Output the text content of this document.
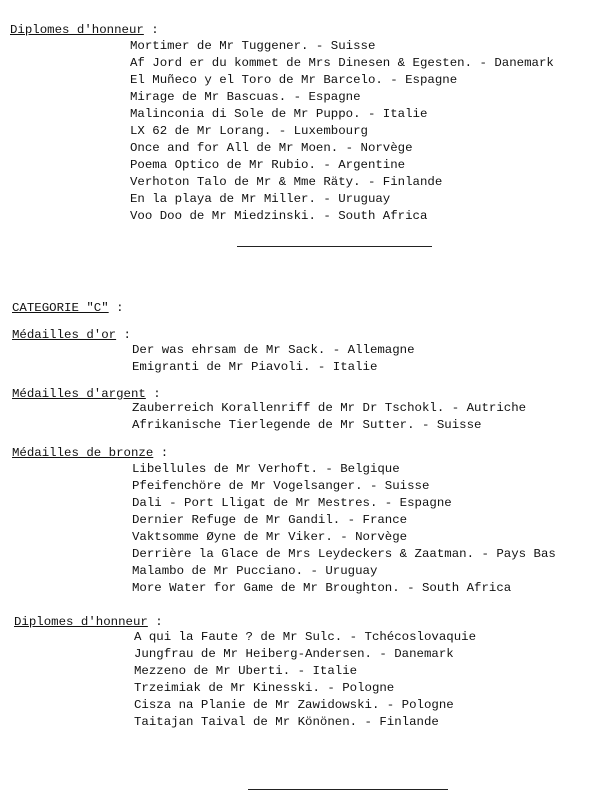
Diplomes d'honneur :
Mortimer de Mr Tuggener. - Suisse
Af Jord er du kommet de Mrs Dinesen & Egesten. - Danemark
El Muñeco y el Toro de Mr Barcelo. - Espagne
Mirage de Mr Bascuas. - Espagne
Malinconia di Sole de Mr Puppo. - Italie
LX 62 de Mr Lorang. - Luxembourg
Once and for All de Mr Moen. - Norvège
Poema Optico de Mr Rubio. - Argentine
Verhoton Talo de Mr & Mme Räty. - Finlande
En la playa de Mr Miller. - Uruguay
Voo Doo de Mr Miedzinski. - South Africa
CATEGORIE "C" :
Médailles d'or :
Der was ehrsam de Mr Sack. - Allemagne
Emigranti de Mr Piavoli. - Italie
Médailles d'argent :
Zauberreich Korallenriff de Mr Dr Tschokl. - Autriche
Afrikanische Tierlegende de Mr Sutter. - Suisse
Médailles de bronze :
Libellules de Mr Verhoft. - Belgique
Pfeifenchöre de Mr Vogelsanger. - Suisse
Dali - Port Lligat de Mr Mestres. - Espagne
Dernier Refuge de Mr Gandil. - France
Vaktsomme Øyne de Mr Viker. - Norvège
Derrière la Glace de Mrs Leydeckers & Zaatman. - Pays Bas
Malambo de Mr Pucciano. - Uruguay
More Water for Game de Mr Broughton. - South Africa
Diplomes d'honneur :
A qui la Faute ? de Mr Sulc. - Tchécoslovaquie
Jungfrau de Mr Heiberg-Andersen. - Danemark
Mezzeno de Mr Uberti. - Italie
Trzeimiak de Mr Kinesski. - Pologne
Cisza na Planie de Mr Zawidowski. - Pologne
Taitajan Taival de Mr Könönen. - Finlande
